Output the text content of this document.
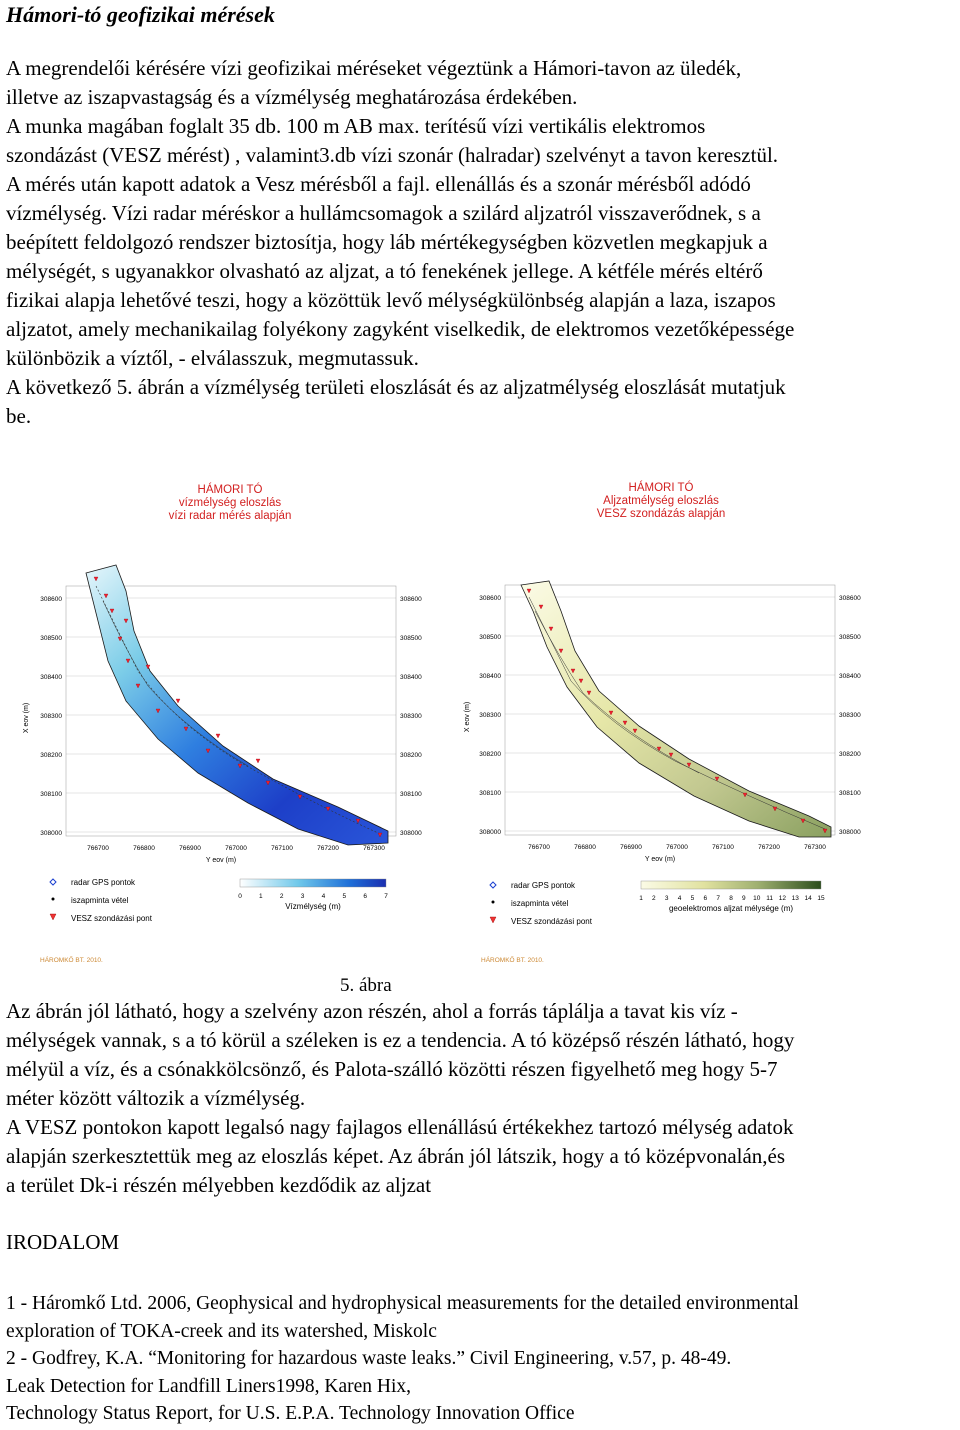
Hámori-tó geofizikai mérések
A megrendelői kérésére vízi geofizikai méréseket végeztünk a Hámori-tavon az üledék,
illetve az iszapvastagság és a vízmélység meghatározása érdekében.
A munka magában foglalt 35 db. 100 m AB max. terítésű vízi vertikális elektromos
szondázást (VESZ mérést) , valamint3.db vízi szonár (halradar) szelvényt a tavon keresztül.
A mérés után kapott adatok a Vesz mérésből a fajl. ellenállás és a szonár mérésből adódó
vízmélység. Vízi radar méréskor a hullámcsomagok a szilárd aljzatról visszaverődnek, s a
beépített feldolgozó rendszer biztosítja, hogy láb mértékegységben közvetlen megkapjuk a
mélységét, s ugyanakkor olvasható az aljzat, a tó fenekének jellege. A kétféle mérés eltérő
fizikai alapja lehetővé teszi, hogy a közöttük levő mélységkülönbség alapján a laza, iszapos
aljzatot, amely mechanikailag folyékony zagyként viselkedik, de elektromos vezetőképessége
különbözik a víztől, - elválasszuk, megmutassuk.
A következő 5. ábrán a vízmélység területi eloszlását és az aljzatmélység eloszlását mutatjuk
be.
HÁMORI TÓ
vízmélység eloszlás
vízi radar mérés alapján
308600	308600
308500	308500
308400	308400
308300	308300
308200	308200
308100	308100
308000	308000
766700	766800	766900	767000	767100	767200	767300
Y eov (m)
X eov (m)
radar GPS pontok
iszapminta vétel
VESZ szondázási pont
0	1	2	3	4	5	6	7
Vízmélység (m)
HÁROMKŐ BT. 2010.
HÁMORI TÓ
Aljzatmélység eloszlás
VESZ szondázás alapján
308600	308600
308500	308500
308400	308400
308300	308300
308200	308200
308100	308100
308000	308000
766700	766800	766900	767000	767100	767200	767300
Y eov (m)
X eov (m)
radar GPS pontok
iszapminta vétel
VESZ szondázási pont
1 2 3 4 5 6 7 8 9 10 11 12 13 14 15
geoelektromos aljzat mélysége (m)
HÁROMKŐ BT. 2010.
5. ábra
Az ábrán jól látható, hogy a szelvény azon részén, ahol a forrás táplálja a tavat kis víz -
mélységek vannak, s a tó körül a széleken is ez a tendencia. A tó középső részén látható, hogy
mélyül a víz, és a csónakkölcsönző, és Palota-szálló közötti részen figyelhető meg hogy 5-7
méter között változik a vízmélység.
A VESZ pontokon kapott legalsó nagy fajlagos ellenállású értékekhez tartozó mélység adatok
alapján szerkesztettük meg az eloszlás képet. Az ábrán jól látszik, hogy a tó középvonalán,és
a terület Dk-i részén mélyebben kezdődik az aljzat
IRODALOM
1 - Háromkő Ltd. 2006, Geophysical and hydrophysical measurements for the detailed environmental
exploration of TOKA-creek and its watershed, Miskolc
2 - Godfrey, K.A. “Monitoring for hazardous waste leaks.” Civil Engineering, v.57, p. 48-49.
Leak Detection for Landfill Liners1998, Karen Hix,
Technology Status Report, for U.S. E.P.A. Technology Innovation Office
